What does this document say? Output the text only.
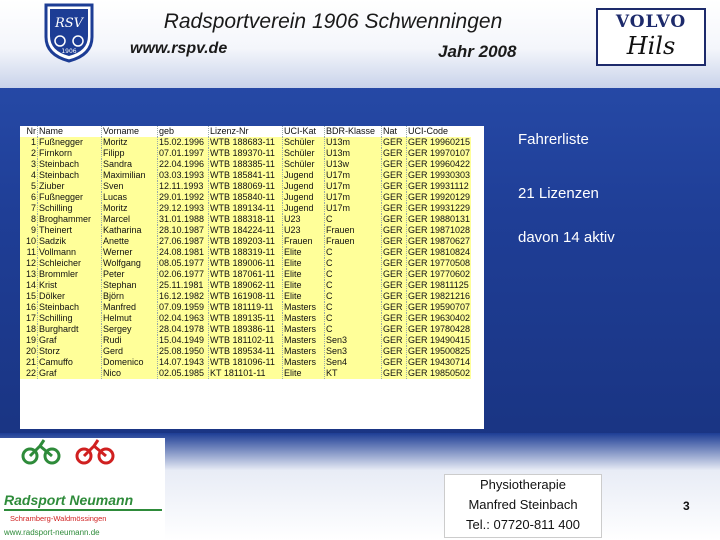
RSV
1906
Radsportverein 1906 Schwenningen
www.rspv.de	Jahr 2008
VOLVO
Hils
Nr	Name	Vorname	geb	Lizenz-Nr	UCI-Kat	BDR-Klasse	Nat	UCI-Code
1	Fußnegger	Moritz	15.02.1996	WTB 188683-11	Schüler	U13m	GER	GER 19960215
2	Firnkorn	Filipp	07.01.1997	WTB 189370-11	Schüler	U13m	GER	GER 19970107
3	Steinbach	Sandra	22.04.1996	WTB 188385-11	Schüler	U13w	GER	GER 19960422
4	Steinbach	Maximilian	03.03.1993	WTB 185841-11	Jugend	U17m	GER	GER 19930303
5	Ziuber	Sven	12.11.1993	WTB 188069-11	Jugend	U17m	GER	GER 19931112
6	Fußnegger	Lucas	29.01.1992	WTB 185840-11	Jugend	U17m	GER	GER 19920129
7	Schilling	Moritz	29.12.1993	WTB 189134-11	Jugend	U17m	GER	GER 19931229
8	Broghammer	Marcel	31.01.1988	WTB 188318-11	U23	C	GER	GER 19880131
9	Theinert	Katharina	28.10.1987	WTB 184224-11	U23	Frauen	GER	GER 19871028
10	Sadzik	Anette	27.06.1987	WTB 189203-11	Frauen	Frauen	GER	GER 19870627
11	Vollmann	Werner	24.08.1981	WTB 188319-11	Elite	C	GER	GER 19810824
12	Schleicher	Wolfgang	08.05.1977	WTB 189006-11	Elite	C	GER	GER 19770508
13	Brommler	Peter	02.06.1977	WTB 187061-11	Elite	C	GER	GER 19770602
14	Krist	Stephan	25.11.1981	WTB 189062-11	Elite	C	GER	GER 19811125
15	Dölker	Björn	16.12.1982	WTB 161908-11	Elite	C	GER	GER 19821216
16	Steinbach	Manfred	07.09.1959	WTB 181119-11	Masters	C	GER	GER 19590707
17	Schilling	Helmut	02.04.1963	WTB 189135-11	Masters	C	GER	GER 19630402
18	Burghardt	Sergey	28.04.1978	WTB 189386-11	Masters	C	GER	GER 19780428
19	Graf	Rudi	15.04.1949	WTB 181102-11	Masters	Sen3	GER	GER 19490415
20	Storz	Gerd	25.08.1950	WTB 189534-11	Masters	Sen3	GER	GER 19500825
21	Camuffo	Domenico	14.07.1943	WTB 181096-11	Masters	Sen4	GER	GER 19430714
22	Graf	Nico	02.05.1985	KT 181101-11	Elite	KT	GER	GER 19850502
Fahrerliste
21 Lizenzen
davon 14 aktiv
Radsport Neumann
Schramberg-Waldmössingen
www.radsport-neumann.de
Physiotherapie
Manfred Steinbach
Tel.: 07720-811 400
3
